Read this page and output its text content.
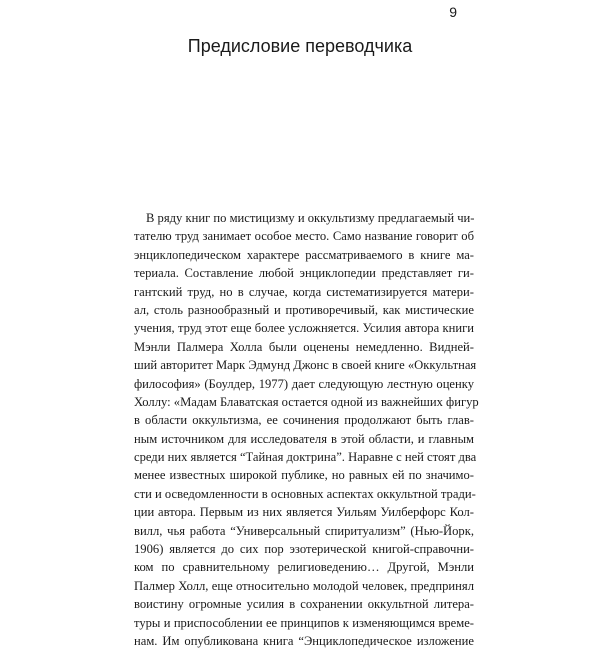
9
Предисловие переводчика
В ряду книг по мистицизму и оккультизму предлагаемый чи-
тателю труд занимает особое место. Само название говорит об
энциклопедическом характере рассматриваемого в книге ма-
териала. Составление любой энциклопедии представляет ги-
гантский труд, но в случае, когда систематизируется матери-
ал, столь разнообразный и противоречивый, как мистические
учения, труд этот еще более усложняется. Усилия автора книги
Мэнли Палмера Холла были оценены немедленно. Видней-
ший авторитет Марк Эдмунд Джонс в своей книге «Оккультная
философия» (Боулдер, 1977) дает следующую лестную оценку
Холлу: «Мадам Блаватская остается одной из важнейших фигур
в области оккультизма, ее сочинения продолжают быть глав-
ным источником для исследователя в этой области, и главным
среди них является “Тайная доктрина”. Наравне с ней стоят два
менее известных широкой публике, но равных ей по значимо-
сти и осведомленности в основных аспектах оккультной тради-
ции автора. Первым из них является Уильям Уилберфорс Кол-
вилл, чья работа “Универсальный спиритуализм” (Нью-Йорк,
1906) является до сих пор эзотерической книгой-справочни-
ком по сравнительному религиоведению… Другой, Мэнли
Палмер Холл, еще относительно молодой человек, предпринял
воистину огромные усилия в сохранении оккультной литера-
туры и приспособлении ее принципов к изменяющимся време-
нам. Им опубликована книга “Энциклопедическое изложение
